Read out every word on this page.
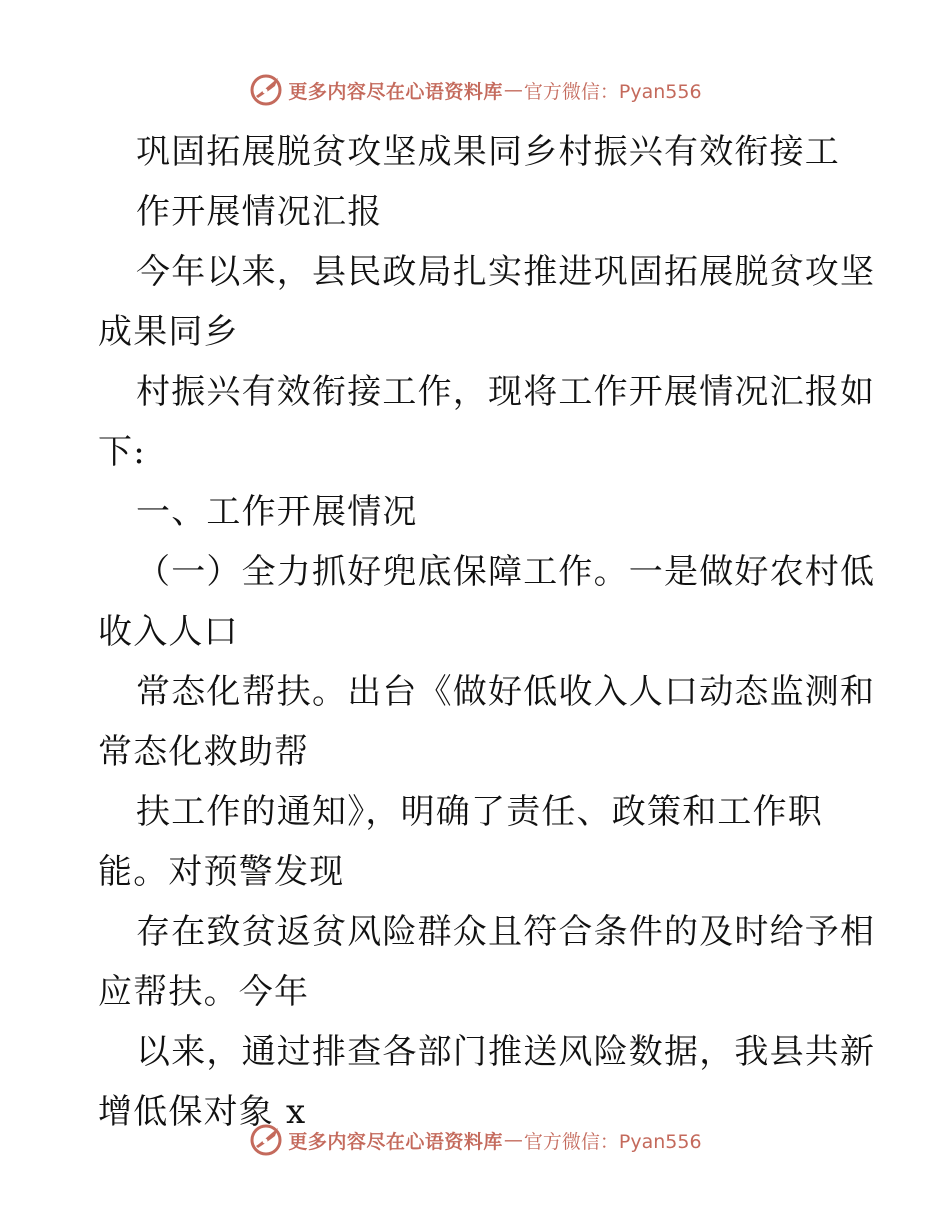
更多内容尽在心语资料库 — 官方微信：Pyan556
巩固拓展脱贫攻坚成果同乡村振兴有效衔接工
作开展情况汇报
今年以来，县民政局扎实推进巩固拓展脱贫攻坚
成果同乡
村振兴有效衔接工作，现将工作开展情况汇报如
下:
一、工作开展情况
（一）全力抓好兜底保障工作。一是做好农村低
收入人口
常态化帮扶。出台《做好低收入人口动态监测和
常态化救助帮
扶工作的通知》，明确了责任、政策和工作职
能。对预警发现
存在致贫返贫风险群众且符合条件的及时给予相
应帮扶。今年
以来，通过排查各部门推送风险数据，我县共新
增低保对象 x
更多内容尽在心语资料库 — 官方微信：Pyan556
